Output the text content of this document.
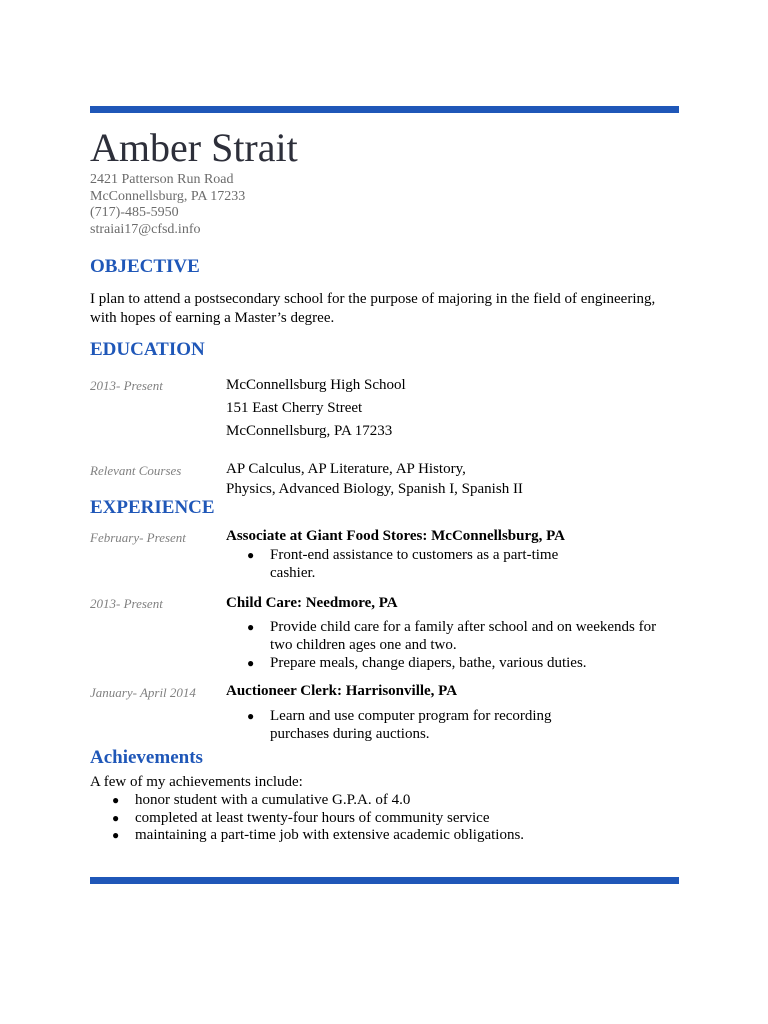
Amber Strait
2421 Patterson Run Road
McConnellsburg, PA 17233
(717)-485-5950
straiai17@cfsd.info
OBJECTIVE
I plan to attend a postsecondary school for the purpose of majoring in the field of engineering, with hopes of earning a Master’s degree.
EDUCATION
2013- Present	McConnellsburg High School
151 East Cherry Street
McConnellsburg, PA 17233
Relevant Courses	AP Calculus, AP Literature, AP History,
Physics, Advanced Biology, Spanish I, Spanish II
EXPERIENCE
February- Present	Associate at Giant Food Stores: McConnellsburg, PA
● Front-end assistance to customers as a part-time cashier.
2013- Present	Child Care: Needmore, PA
● Provide child care for a family after school and on weekends for two children ages one and two.
● Prepare meals, change diapers, bathe, various duties.
January- April 2014 Auctioneer Clerk: Harrisonville, PA
● Learn and use computer program for recording purchases during auctions.
Achievements
A few of my achievements include:
● honor student with a cumulative G.P.A. of 4.0
● completed at least twenty-four hours of community service
● maintaining a part-time job with extensive academic obligations.
